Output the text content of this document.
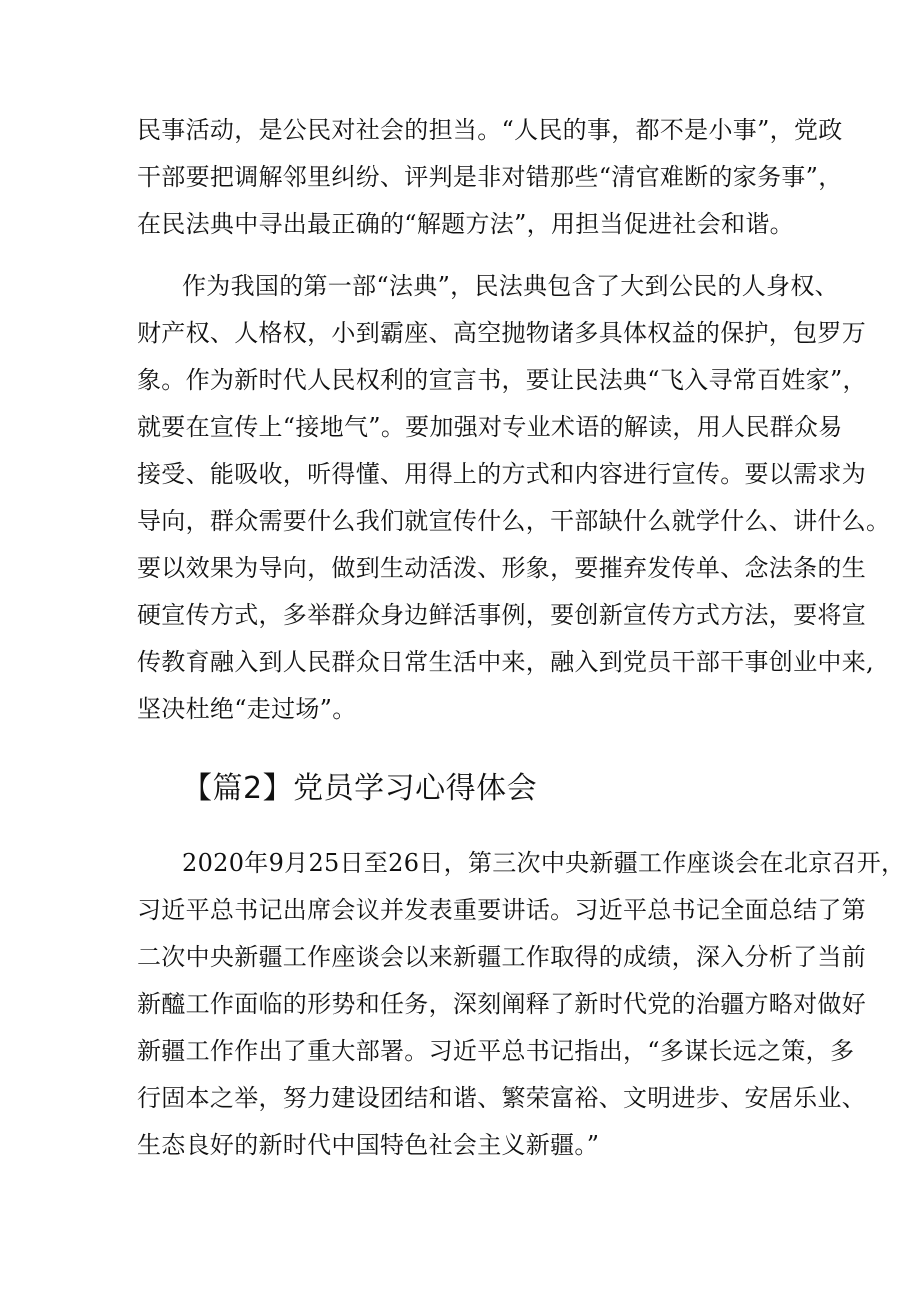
民事活动，是公民对社会的担当。“人民的事，都不是小事”，党政
干部要把调解邻里纠纷、评判是非对错那些“清官难断的家务事”，
在民法典中寻出最正确的“解题方法”，用担当促进社会和谐。
作为我国的第一部“法典”，民法典包含了大到公民的人身权、
财产权、人格权，小到霸座、高空抛物诸多具体权益的保护，包罗万
象。作为新时代人民权利的宣言书，要让民法典“飞入寻常百姓家”，
就要在宣传上“接地气”。要加强对专业术语的解读，用人民群众易
接受、能吸收，听得懂、用得上的方式和内容进行宣传。要以需求为
导向，群众需要什么我们就宣传什么，干部缺什么就学什么、讲什么。
要以效果为导向，做到生动活泼、形象，要摧弃发传单、念法条的生
硬宣传方式，多举群众身边鲜活事例，要创新宣传方式方法，要将宣
传教育融入到人民群众日常生活中来，融入到党员干部干事创业中来,
坚决杜绝“走过场”。
【篇2】党员学习心得体会
2020年9月25日至26日，第三次中央新疆工作座谈会在北京召开，
习近平总书记出席会议并发表重要讲话。习近平总书记全面总结了第
二次中央新疆工作座谈会以来新疆工作取得的成绩，深入分析了当前
新醯工作面临的形势和任务，深刻阐释了新时代党的治疆方略对做好
新疆工作作出了重大部署。习近平总书记指出，“多谋长远之策，多
行固本之举，努力建设团结和谐、繁荣富裕、文明进步、安居乐业、
生态良好的新时代中国特色社会主义新疆。”
